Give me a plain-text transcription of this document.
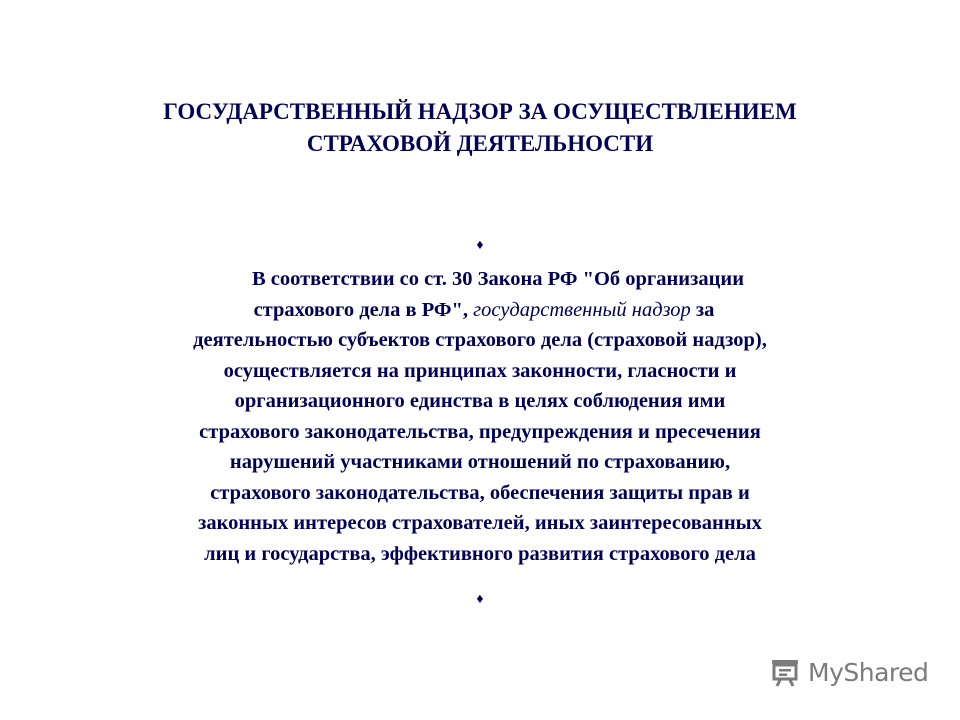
ГОСУДАРСТВЕННЫЙ НАДЗОР ЗА ОСУЩЕСТВЛЕНИЕМ
СТРАХОВОЙ ДЕЯТЕЛЬНОСТИ
♦
В соответствии со ст. 30 Закона РФ "Об организации
страхового дела в РФ", государственный надзор за
деятельностью субъектов страхового дела (страховой надзор),
осуществляется на принципах законности, гласности и
организационного единства в целях соблюдения ими
страхового законодательства, предупреждения и пресечения
нарушений участниками отношений по страхованию,
страхового законодательства, обеспечения защиты прав и
законных интересов страхователей, иных заинтересованных
лиц и государства, эффективного развития страхового дела
♦
MyShared
